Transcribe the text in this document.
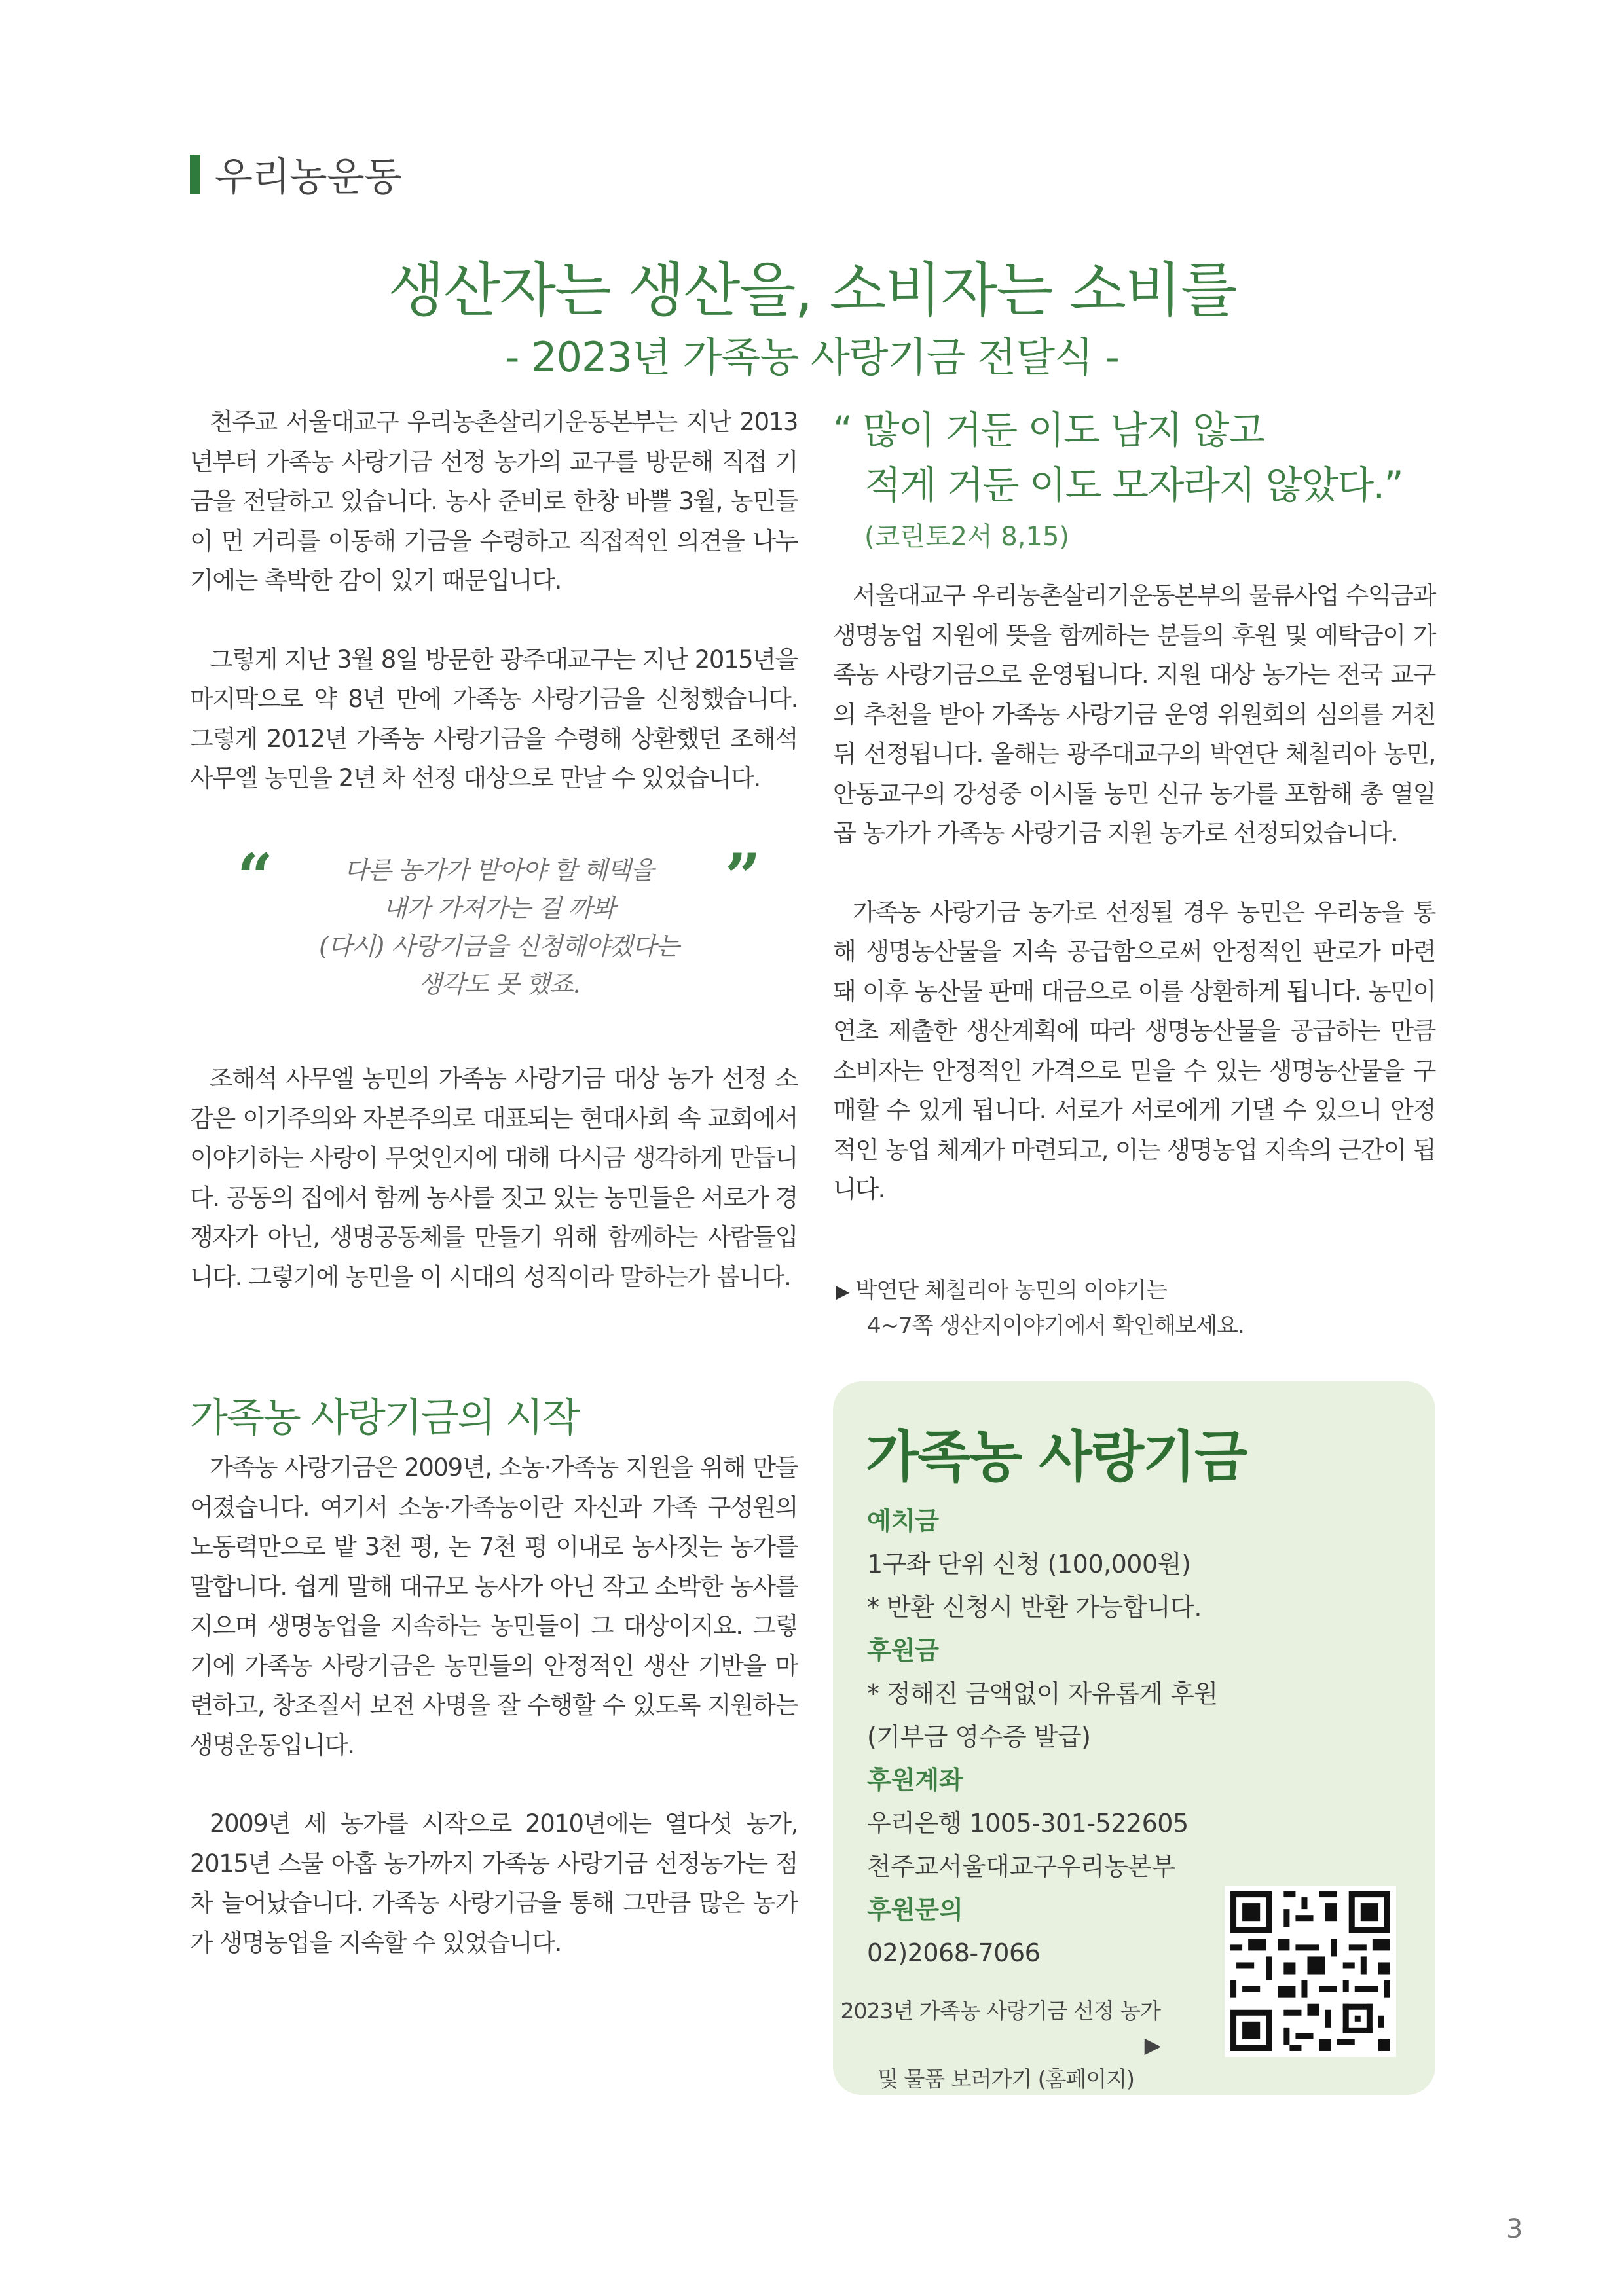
우리농운동
생산자는 생산을, 소비자는 소비를
- 2023년 가족농 사랑기금 전달식 -

천주교 서울대교구 우리농촌살리기운동본부는 지난 2013년부터 가족농 사랑기금 선정 농가의 교구를 방문해 직접 기금을 전달하고 있습니다. 농사 준비로 한창 바쁠 3월, 농민들이 먼 거리를 이동해 기금을 수령하고 직접적인 의견을 나누기에는 촉박한 감이 있기 때문입니다.

그렇게 지난 3월 8일 방문한 광주대교구는 지난 2015년을 마지막으로 약 8년 만에 가족농 사랑기금을 신청했습니다. 그렇게 2012년 가족농 사랑기금을 수령해 상환했던 조해석 사무엘 농민을 2년 차 선정 대상으로 만날 수 있었습니다.

“	”
다른 농가가 받아야 할 혜택을
내가 가져가는 걸 까봐
(다시) 사랑기금을 신청해야겠다는
생각도 못 했죠.

조해석 사무엘 농민의 가족농 사랑기금 대상 농가 선정 소감은 이기주의와 자본주의로 대표되는 현대사회 속 교회에서 이야기하는 사랑이 무엇인지에 대해 다시금 생각하게 만듭니다. 공동의 집에서 함께 농사를 짓고 있는 농민들은 서로가 경쟁자가 아닌, 생명공동체를 만들기 위해 함께하는 사람들입니다. 그렇기에 농민을 이 시대의 성직이라 말하는가 봅니다.

가족농 사랑기금의 시작

가족농 사랑기금은 2009년, 소농·가족농 지원을 위해 만들어졌습니다. 여기서 소농·가족농이란 자신과 가족 구성원의 노동력만으로 밭 3천 평, 논 7천 평 이내로 농사짓는 농가를 말합니다. 쉽게 말해 대규모 농사가 아닌 작고 소박한 농사를 지으며 생명농업을 지속하는 농민들이 그 대상이지요. 그렇기에 가족농 사랑기금은 농민들의 안정적인 생산 기반을 마련하고, 창조질서 보전 사명을 잘 수행할 수 있도록 지원하는 생명운동입니다.

2009년 세 농가를 시작으로 2010년에는 열다섯 농가, 2015년 스물 아홉 농가까지 가족농 사랑기금 선정농가는 점차 늘어났습니다. 가족농 사랑기금을 통해 그만큼 많은 농가가 생명농업을 지속할 수 있었습니다.

“ 많이 거둔 이도 남지 않고
적게 거둔 이도 모자라지 않았다.”
(코린토2서 8,15)

서울대교구 우리농촌살리기운동본부의 물류사업 수익금과 생명농업 지원에 뜻을 함께하는 분들의 후원 및 예탁금이 가족농 사랑기금으로 운영됩니다. 지원 대상 농가는 전국 교구의 추천을 받아 가족농 사랑기금 운영 위원회의 심의를 거친 뒤 선정됩니다. 올해는 광주대교구의 박연단 체칠리아 농민, 안동교구의 강성중 이시돌 농민 신규 농가를 포함해 총 열일곱 농가가 가족농 사랑기금 지원 농가로 선정되었습니다.

가족농 사랑기금 농가로 선정될 경우 농민은 우리농을 통해 생명농산물을 지속 공급함으로써 안정적인 판로가 마련돼 이후 농산물 판매 대금으로 이를 상환하게 됩니다. 농민이 연초 제출한 생산계획에 따라 생명농산물을 공급하는 만큼 소비자는 안정적인 가격으로 믿을 수 있는 생명농산물을 구매할 수 있게 됩니다. 서로가 서로에게 기댈 수 있으니 안정적인 농업 체계가 마련되고, 이는 생명농업 지속의 근간이 됩니다.

▶ 박연단 체칠리아 농민의 이야기는
4~7쪽 생산지이야기에서 확인해보세요.
가족농 사랑기금
예치금
1구좌 단위 신청 (100,000원)
* 반환 신청시 반환 가능합니다.
후원금
* 정해진 금액없이 자유롭게 후원
(기부금 영수증 발급)
후원계좌
우리은행 1005-301-522605
천주교서울대교구우리농본부
후원문의
02)2068-7066
2023년 가족농 사랑기금 선정 농가 ▶
및 물품 보러가기 (홈페이지)
3
